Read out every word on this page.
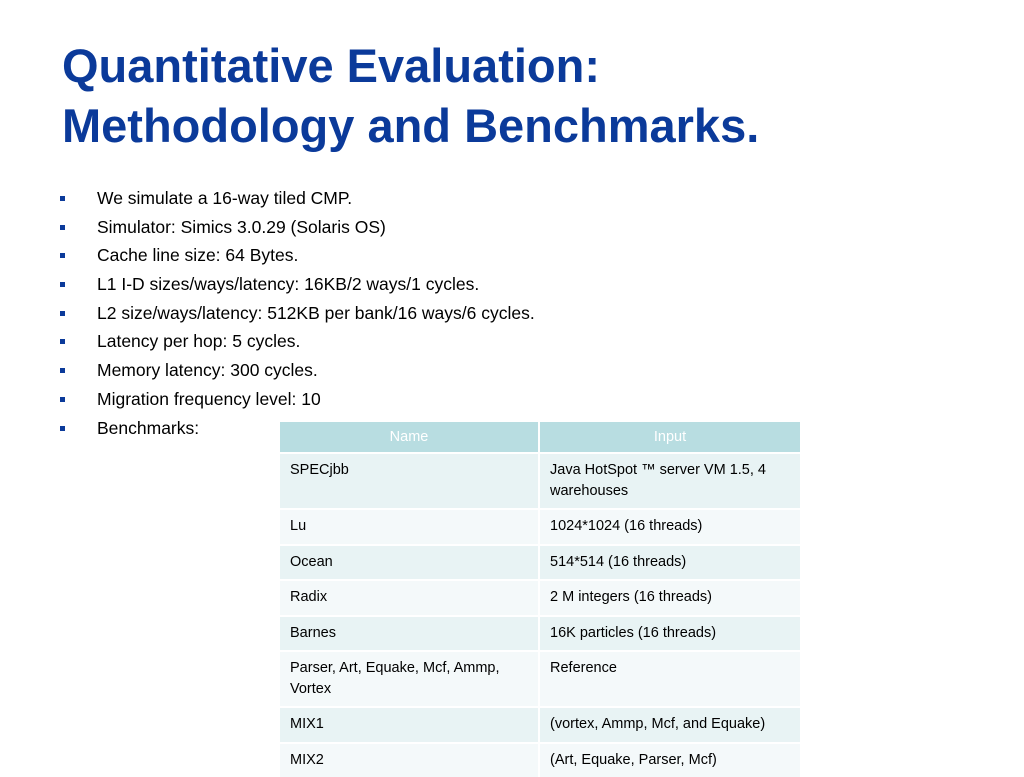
Quantitative Evaluation:
Methodology and Benchmarks.
We simulate a 16-way tiled CMP.
Simulator: Simics 3.0.29 (Solaris OS)
Cache line size: 64 Bytes.
L1 I-D sizes/ways/latency: 16KB/2 ways/1 cycles.
L2 size/ways/latency: 512KB per bank/16 ways/6 cycles.
Latency per hop: 5 cycles.
Memory latency: 300 cycles.
Migration frequency level: 10
Benchmarks:	Name	Input
SPECjbb	Java HotSpot ™ server VM 1.5, 4 warehouses
Lu	1024*1024 (16 threads)
Ocean	514*514 (16 threads)
Radix	2 M integers (16 threads)
Barnes	16K particles (16 threads)
Parser, Art, Equake, Mcf, Ammp, Vortex	Reference
MIX1	(vortex, Ammp, Mcf, and Equake)
MIX2	(Art, Equake, Parser, Mcf)
